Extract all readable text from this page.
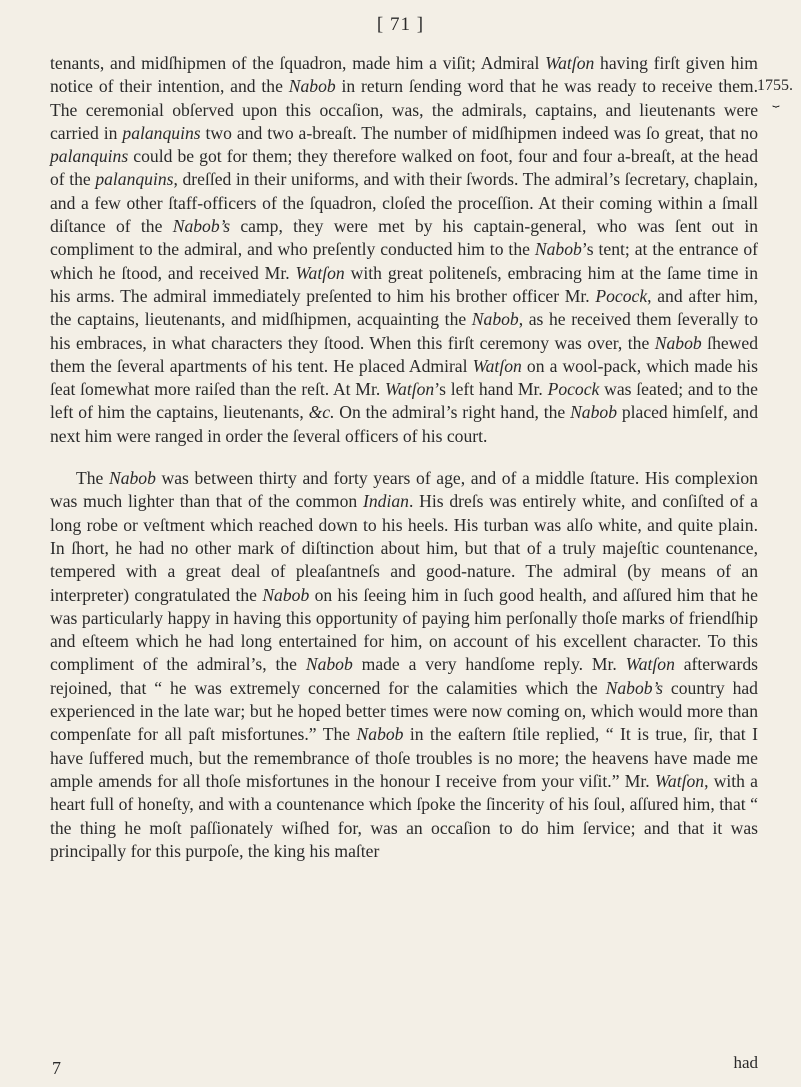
[ 71 ]
1755.
⏟

tenants, and midſhipmen of the ſquadron, made him a viſit; Admiral Watſon having firſt given him notice of their intention, and the Nabob in return ſending word that he was ready to receive them. The ceremonial obſerved upon this occaſion, was, the admirals, captains, and lieutenants were carried in palanquins two and two a-breaſt. The number of midſhipmen indeed was ſo great, that no palanquins could be got for them; they therefore walked on foot, four and four a-breaſt, at the head of the palanquins, dreſſed in their uniforms, and with their ſwords. The admiral’s ſecretary, chaplain, and a few other ſtaff-officers of the ſquadron, cloſed the proceſſion. At their coming within a ſmall diſtance of the Nabob’s camp, they were met by his captain-general, who was ſent out in compliment to the admiral, and who preſently conducted him to the Nabob’s tent; at the entrance of which he ſtood, and received Mr. Watſon with great politeneſs, embracing him at the ſame time in his arms. The admiral immediately preſented to him his brother officer Mr. Pocock, and after him, the captains, lieutenants, and midſhipmen, acquainting the Nabob, as he received them ſeverally to his embraces, in what characters they ſtood. When this firſt ceremony was over, the Nabob ſhewed them the ſeveral apartments of his tent. He placed Admiral Watſon on a wool-pack, which made his ſeat ſomewhat more raiſed than the reſt. At Mr. Watſon’s left hand Mr. Pocock was ſeated; and to the left of him the captains, lieutenants, &c. On the admiral’s right hand, the Nabob placed himſelf, and next him were ranged in order the ſeveral officers of his court.

The Nabob was between thirty and forty years of age, and of a middle ſtature. His complexion was much lighter than that of the common Indian. His dreſs was entirely white, and conſiſted of a long robe or veſtment which reached down to his heels. His turban was alſo white, and quite plain. In ſhort, he had no other mark of diſtinction about him, but that of a truly majeſtic countenance, tempered with a great deal of pleaſantneſs and good-nature. The admiral (by means of an interpreter) congratulated the Nabob on his ſeeing him in ſuch good health, and aſſured him that he was particularly happy in having this opportunity of paying him perſonally thoſe marks of friendſhip and eſteem which he had long entertained for him, on account of his excellent character. To this compliment of the admiral’s, the Nabob made a very handſome reply. Mr. Watſon afterwards rejoined, that “ he was extremely concerned for the calamities which the Nabob’s country had experienced in the late war; but he hoped better times were now coming on, which would more than compenſate for all paſt misfortunes.” The Nabob in the eaſtern ſtile replied, “ It is true, ſir, that I have ſuffered much, but the remembrance of thoſe troubles is no more; the heavens have made me ample amends for all thoſe misfortunes in the honour I receive from your viſit.” Mr. Watſon, with a heart full of honeſty, and with a countenance which ſpoke the ſincerity of his ſoul, aſſured him, that “ the thing he moſt paſſionately wiſhed for, was an occaſion to do him ſervice; and that it was principally for this purpoſe, the king his maſter

7	had
